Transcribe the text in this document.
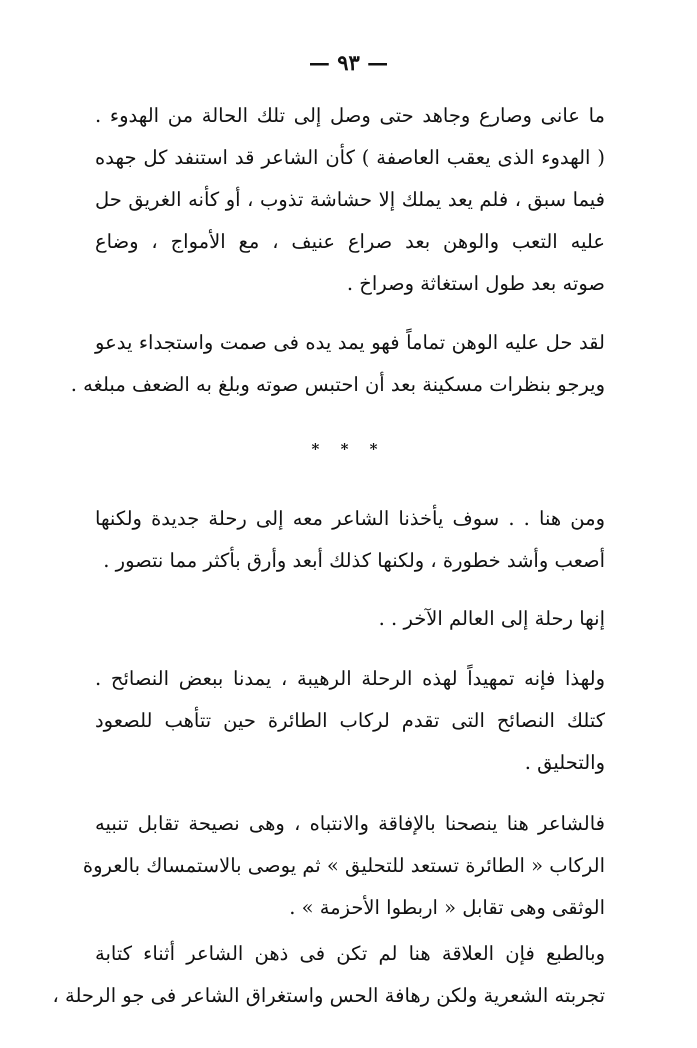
— ٩٣ —
ما عانى وصارع وجاهد حتى وصل إلى تلك الحالة من الهدوء .
( الهدوء الذى يعقب العاصفة ) كأن الشاعر قد استنفد كل جهده
فيما سبق ، فلم يعد يملك إلا حشاشة تذوب ، أو كأنه الغريق حل
عليه التعب والوهن بعد صراع عنيف ، مع الأمواج ، وضاع
صوته بعد طول استغاثة وصراخ .
لقد حل عليه الوهن تماماً فهو يمد يده فى صمت واستجداء يدعو
ويرجو بنظرات مسكينة بعد أن احتبس صوته وبلغ به الضعف مبلغه .
* * *
ومن هنا . . سوف يأخذنا الشاعر معه إلى رحلة جديدة ولكنها
أصعب وأشد خطورة ، ولكنها كذلك أبعد وأرق بأكثر مما نتصور .
إنها رحلة إلى العالم الآخر . .
ولهذا فإنه تمهيداً لهذه الرحلة الرهيبة ، يمدنا ببعض النصائح .
كتلك النصائح التى تقدم لركاب الطائرة حين تتأهب للصعود
والتحليق .
فالشاعر هنا ينصحنا بالإفاقة والانتباه ، وهى نصيحة تقابل تنبيه
الركاب « الطائرة تستعد للتحليق » ثم يوصى بالاستمساك بالعروة
الوثقى وهى تقابل « اربطوا الأحزمة » .
وبالطبع فإن العلاقة هنا لم تكن فى ذهن الشاعر أثناء كتابة
تجربته الشعرية ولكن رهافة الحس واستغراق الشاعر فى جو الرحلة ،
